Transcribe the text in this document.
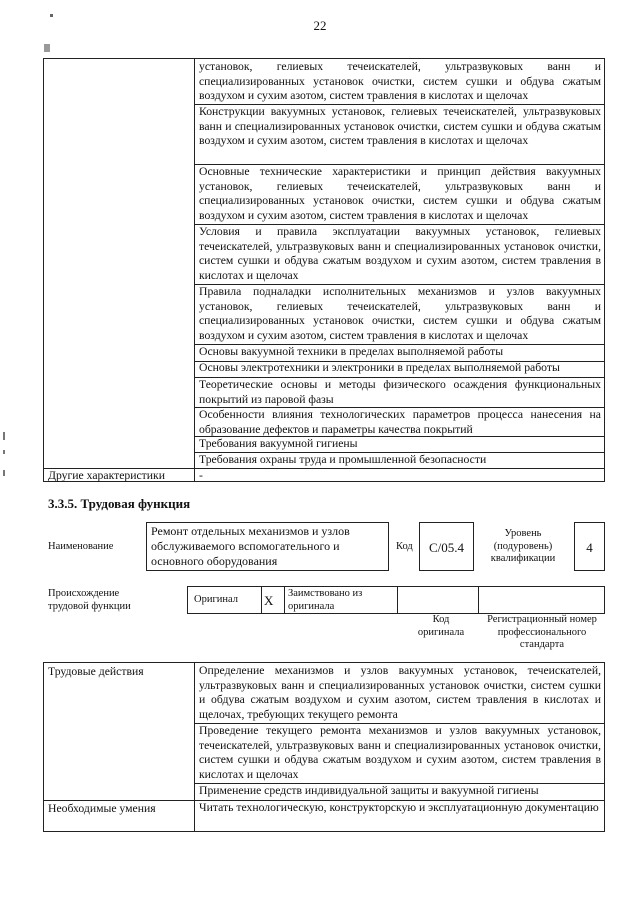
22
установок, гелиевых течеискателей, ультразвуковых ванн и специализированных установок очистки, систем сушки и обдува сжатым воздухом и сухим азотом, систем травления в кислотах и щелочах
Конструкции вакуумных установок, гелиевых течеискателей, ультразвуковых ванн и специализированных установок очистки, систем сушки и обдува сжатым воздухом и сухим азотом, систем травления в кислотах и щелочах
Основные технические характеристики и принцип действия вакуумных установок, гелиевых течеискателей, ультразвуковых ванн и специализированных установок очистки, систем сушки и обдува сжатым воздухом и сухим азотом, систем травления в кислотах и щелочах
Условия и правила эксплуатации вакуумных установок, гелиевых течеискателей, ультразвуковых ванн и специализированных установок очистки, систем сушки и обдува сжатым воздухом и сухим азотом, систем травления в кислотах и щелочах
Правила подналадки исполнительных механизмов и узлов вакуумных установок, гелиевых течеискателей, ультразвуковых ванн и специализированных установок очистки, систем сушки и обдува сжатым воздухом и сухим азотом, систем травления в кислотах и щелочах
Основы вакуумной техники в пределах выполняемой работы
Основы электротехники и электроники в пределах выполняемой работы
Теоретические основы и методы физического осаждения функциональных покрытий из паровой фазы
Особенности влияния технологических параметров процесса нанесения на образование дефектов и параметры качества покрытий
Требования вакуумной гигиены
Требования охраны труда и промышленной безопасности
Другие характеристики	-
3.3.5. Трудовая функция
Наименование
Ремонт отдельных механизмов и узлов обслуживаемого вспомогательного и основного оборудования
Код	C/05.4
Уровень (подуровень) квалификации
4
Происхождение трудовой функции
Оригинал X Заимствовано из оригинала
Код оригинала
Регистрационный номер профессионального стандарта
Трудовые действия	Определение механизмов и узлов вакуумных установок, течеискателей, ультразвуковых ванн и специализированных установок очистки, систем сушки и обдува сжатым воздухом и сухим азотом, систем травления в кислотах и щелочах, требующих текущего ремонта
Проведение текущего ремонта механизмов и узлов вакуумных установок, течеискателей, ультразвуковых ванн и специализированных установок очистки, систем сушки и обдува сжатым воздухом и сухим азотом, систем травления в кислотах и щелочах
Применение средств индивидуальной защиты и вакуумной гигиены
Необходимые умения	Читать технологическую, конструкторскую и эксплуатационную документацию
